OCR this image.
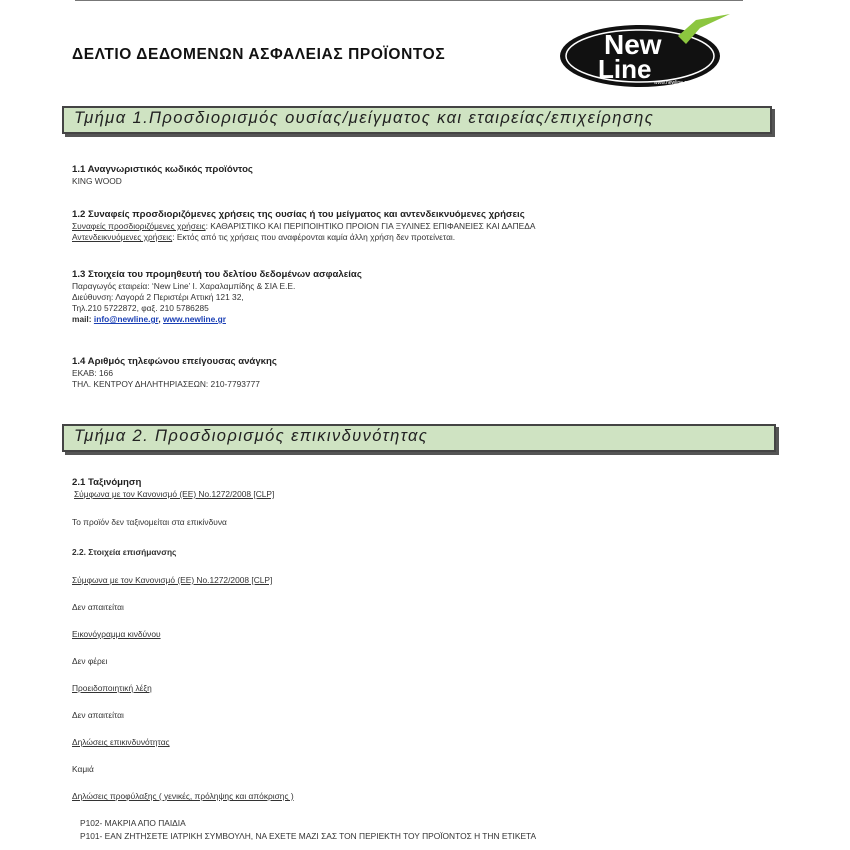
ΔΕΛΤΙΟ ΔΕΔΟΜΕΝΩΝ ΑΣΦΑΛΕΙΑΣ ΠΡΟΪΟΝΤΟΣ	New
Line www.newline.gr
Τμήμα 1.Προσδιορισμός ουσίας/μείγματος και εταιρείας/επιχείρησης
1.1 Αναγνωριστικός κωδικός προϊόντος
KING WOOD
1.2 Συναφείς προσδιοριζόμενες χρήσεις της ουσίας ή του μείγματος και αντενδεικνυόμενες χρήσεις
Συναφείς προσδιοριζόμενες χρήσεις: ΚΑΘΑΡΙΣΤΙΚΟ ΚΑΙ ΠΕΡΙΠΟΙΗΤΙΚΟ ΠΡΟΙΟΝ ΓΙΑ ΞΥΛΙΝΕΣ ΕΠΙΦΑΝΕΙΕΣ ΚΑΙ ΔΑΠΕΔΑ
Αντενδεικνυόμενες χρήσεις: Εκτός από τις χρήσεις που αναφέρονται καμία άλλη χρήση δεν προτείνεται.
1.3 Στοιχεία του προμηθευτή του δελτίου δεδομένων ασφαλείας
Παραγωγός εταιρεία: ‘New Line’ Ι. Χαραλαμπίδης & ΣΙΑ Ε.Ε.
Διεύθυνση: Λαγορά 2 Περιστέρι Αττική 121 32,
Τηλ.210 5722872, φαξ. 210 5786285
mail: info@newline.gr, www.newline.gr
1.4 Αριθμός τηλεφώνου επείγουσας ανάγκης
ΕΚΑΒ: 166
ΤΗΛ. ΚΕΝΤΡΟΥ ΔΗΛΗΤΗΡΙΑΣΕΩΝ: 210-7793777
Τμήμα 2. Προσδιορισμός επικινδυνότητας
2.1 Ταξινόμηση
Σύμφωνα με τον Κανονισμό (ΕΕ) No.1272/2008 [CLP]
Το προϊόν δεν ταξινομείται στα επικίνδυνα
2.2. Στοιχεία επισήμανσης
Σύμφωνα με τον Κανονισμό (ΕΕ) No.1272/2008 [CLP]
Δεν απαιτείται
Εικονόγραμμα κινδύνου
Δεν φέρει
Προειδοποιητική λέξη
Δεν απαιτείται
Δηλώσεις επικινδυνότητας
Καμιά
Δηλώσεις προφύλαξης ( γενικές, πρόληψης και απόκρισης )
P102- ΜΑΚΡΙΑ ΑΠΟ ΠΑΙΔΙΑ
P101- ΕΑΝ ΖΗΤΗΣΕΤΕ ΙΑΤΡΙΚΗ ΣΥΜΒΟΥΛΗ, ΝΑ ΕΧΕΤΕ ΜΑΖΙ ΣΑΣ ΤΟΝ ΠΕΡΙΕΚΤΗ ΤΟΥ ΠΡΟΪΟΝΤΟΣ Η ΤΗΝ ΕΤΙΚΕΤΑ
